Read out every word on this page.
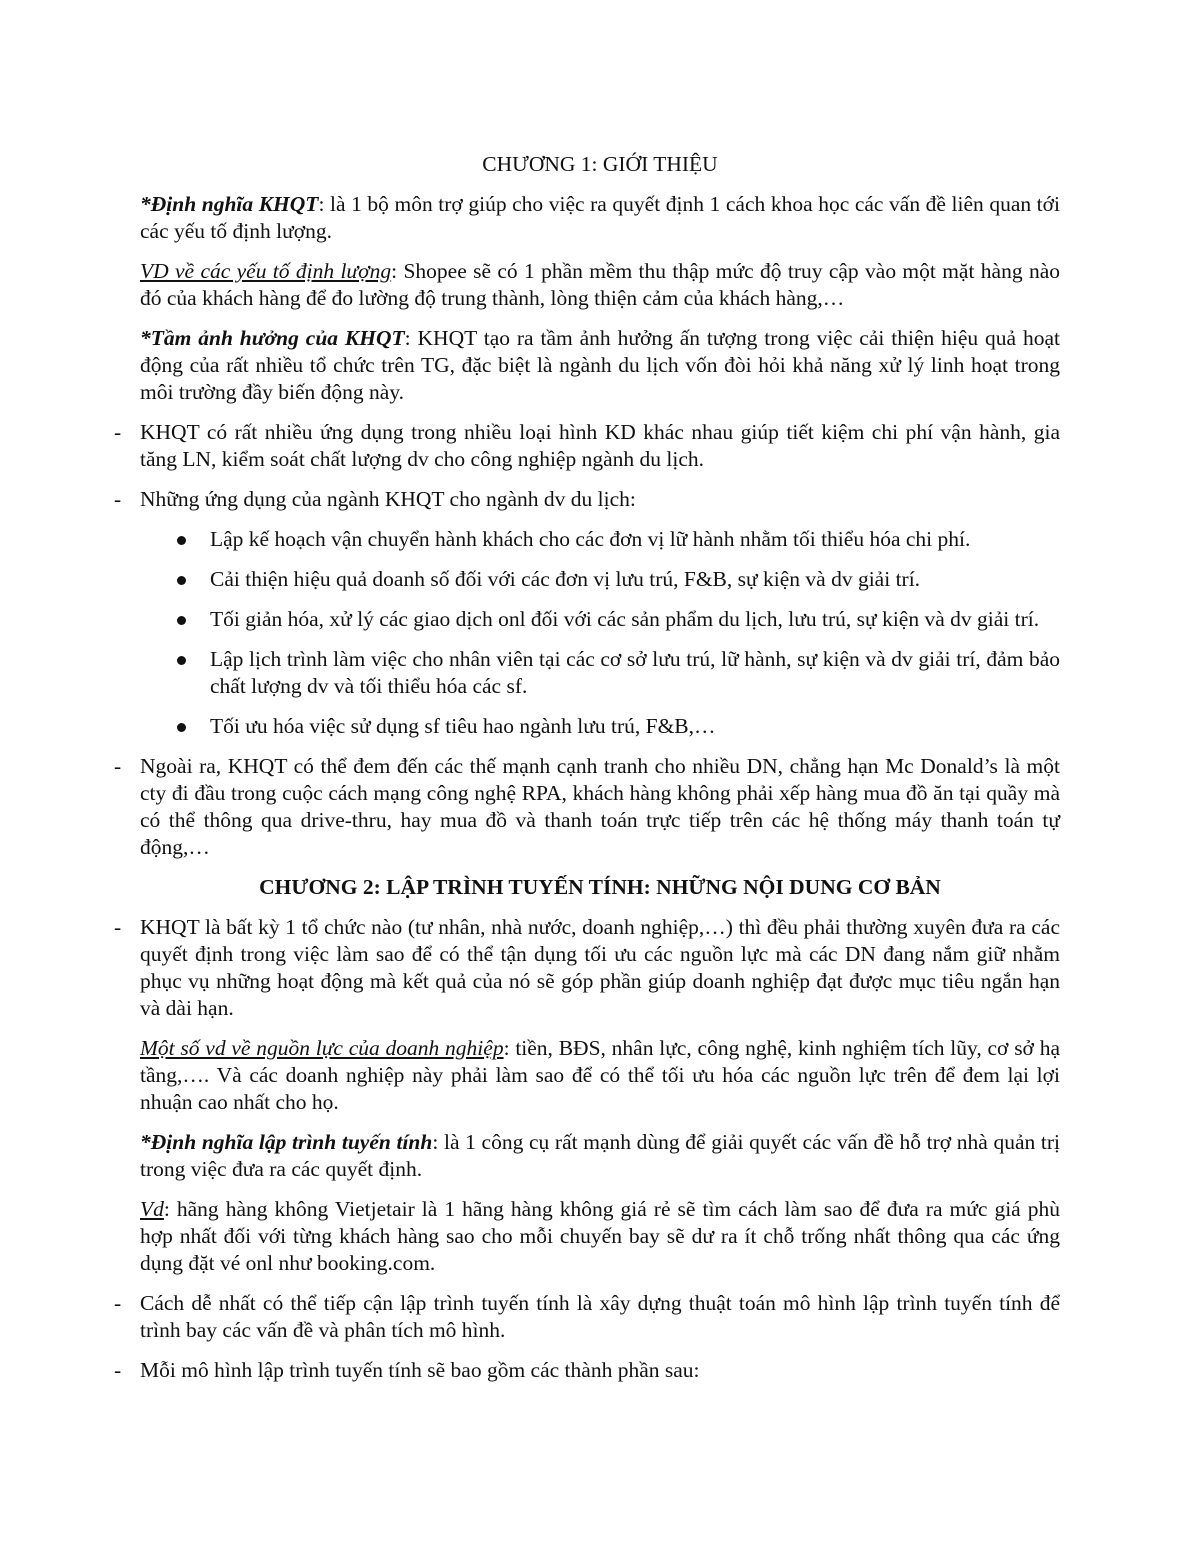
CHƯƠNG 1: GIỚI THIỆU

*Định nghĩa KHQT: là 1 bộ môn trợ giúp cho việc ra quyết định 1 cách khoa học các vấn đề liên quan tới các yếu tố định lượng.

VD về các yếu tố định lượng: Shopee sẽ có 1 phần mềm thu thập mức độ truy cập vào một mặt hàng nào đó của khách hàng để đo lường độ trung thành, lòng thiện cảm của khách hàng,…

*Tầm ảnh hưởng của KHQT: KHQT tạo ra tầm ảnh hưởng ấn tượng trong việc cải thiện hiệu quả hoạt động của rất nhiều tổ chức trên TG, đặc biệt là ngành du lịch vốn đòi hỏi khả năng xử lý linh hoạt trong môi trường đầy biến động này.

- KHQT có rất nhiều ứng dụng trong nhiều loại hình KD khác nhau giúp tiết kiệm chi phí vận hành, gia tăng LN, kiểm soát chất lượng dv cho công nghiệp ngành du lịch.
- Những ứng dụng của ngành KHQT cho ngành dv du lịch:
Lập kế hoạch vận chuyển hành khách cho các đơn vị lữ hành nhằm tối thiểu hóa chi phí.
Cải thiện hiệu quả doanh số đối với các đơn vị lưu trú, F&B, sự kiện và dv giải trí.
Tối giản hóa, xử lý các giao dịch onl đối với các sản phẩm du lịch, lưu trú, sự kiện và dv giải trí.
Lập lịch trình làm việc cho nhân viên tại các cơ sở lưu trú, lữ hành, sự kiện và dv giải trí, đảm bảo chất lượng dv và tối thiểu hóa các sf.
Tối ưu hóa việc sử dụng sf tiêu hao ngành lưu trú, F&B,…
- Ngoài ra, KHQT có thể đem đến các thế mạnh cạnh tranh cho nhiều DN, chẳng hạn Mc Donald’s là một cty đi đầu trong cuộc cách mạng công nghệ RPA, khách hàng không phải xếp hàng mua đồ ăn tại quầy mà có thể thông qua drive-thru, hay mua đồ và thanh toán trực tiếp trên các hệ thống máy thanh toán tự động,…
CHƯƠNG 2: LẬP TRÌNH TUYẾN TÍNH: NHỮNG NỘI DUNG CƠ BẢN
- KHQT là bất kỳ 1 tổ chức nào (tư nhân, nhà nước, doanh nghiệp,…) thì đều phải thường xuyên đưa ra các quyết định trong việc làm sao để có thể tận dụng tối ưu các nguồn lực mà các DN đang nắm giữ nhằm phục vụ những hoạt động mà kết quả của nó sẽ góp phần giúp doanh nghiệp đạt được mục tiêu ngắn hạn và dài hạn.

Một số vd về nguồn lực của doanh nghiệp: tiền, BĐS, nhân lực, công nghệ, kinh nghiệm tích lũy, cơ sở hạ tầng,…. Và các doanh nghiệp này phải làm sao để có thể tối ưu hóa các nguồn lực trên để đem lại lợi nhuận cao nhất cho họ.

*Định nghĩa lập trình tuyến tính: là 1 công cụ rất mạnh dùng để giải quyết các vấn đề hỗ trợ nhà quản trị trong việc đưa ra các quyết định.

Vd: hãng hàng không Vietjetair là 1 hãng hàng không giá rẻ sẽ tìm cách làm sao để đưa ra mức giá phù hợp nhất đối với từng khách hàng sao cho mỗi chuyến bay sẽ dư ra ít chỗ trống nhất thông qua các ứng dụng đặt vé onl như booking.com.

- Cách dễ nhất có thể tiếp cận lập trình tuyến tính là xây dựng thuật toán mô hình lập trình tuyến tính để trình bay các vấn đề và phân tích mô hình.
- Mỗi mô hình lập trình tuyến tính sẽ bao gồm các thành phần sau:
